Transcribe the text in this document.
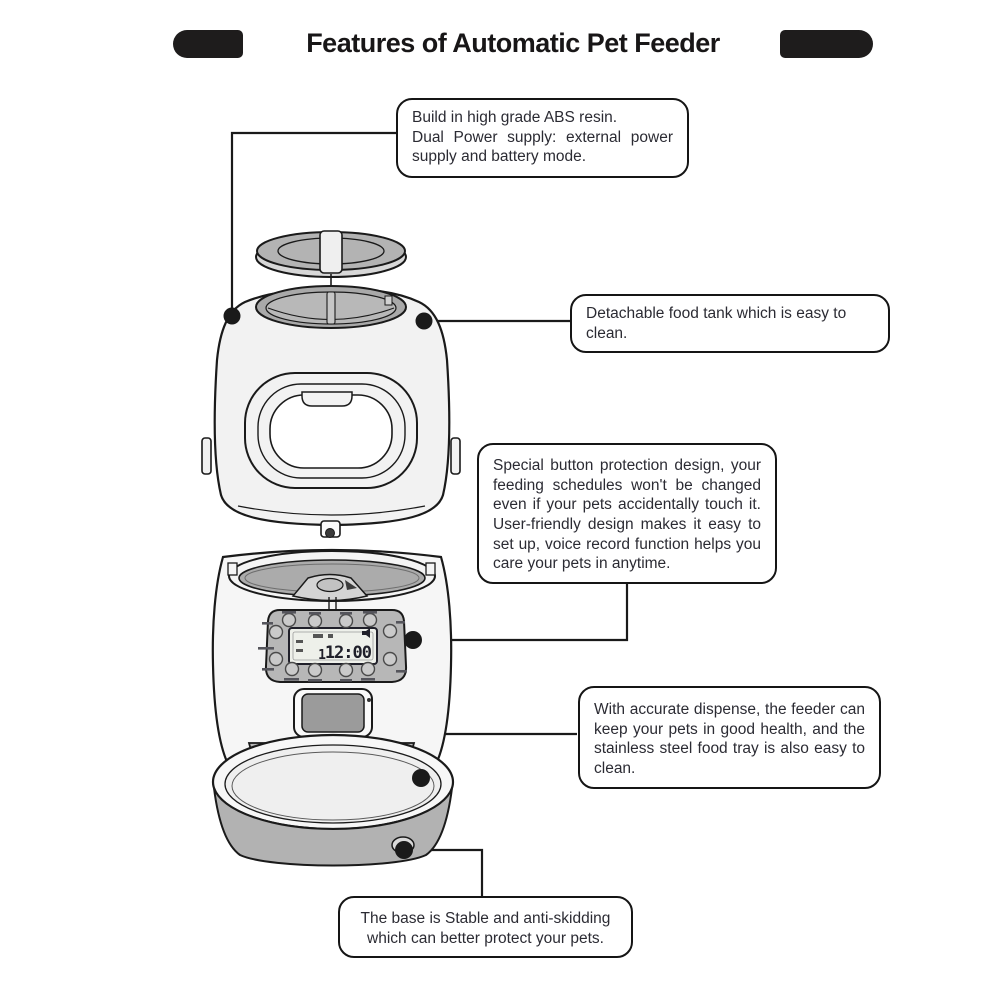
1
12:00
Features of Automatic Pet Feeder
Build in high grade ABS resin.
Dual Power supply: external power supply and battery mode.
Detachable food tank which is easy to clean.
Special button protection design, your feeding schedules won't be changed even if your pets accidentally touch it. User-friendly design makes it easy to set up, voice record function helps you care your pets in anytime.
With accurate dispense, the feeder can keep your pets in good health, and the stainless steel food tray is also easy to clean.
The base is Stable and anti-skidding which can better protect your pets.
